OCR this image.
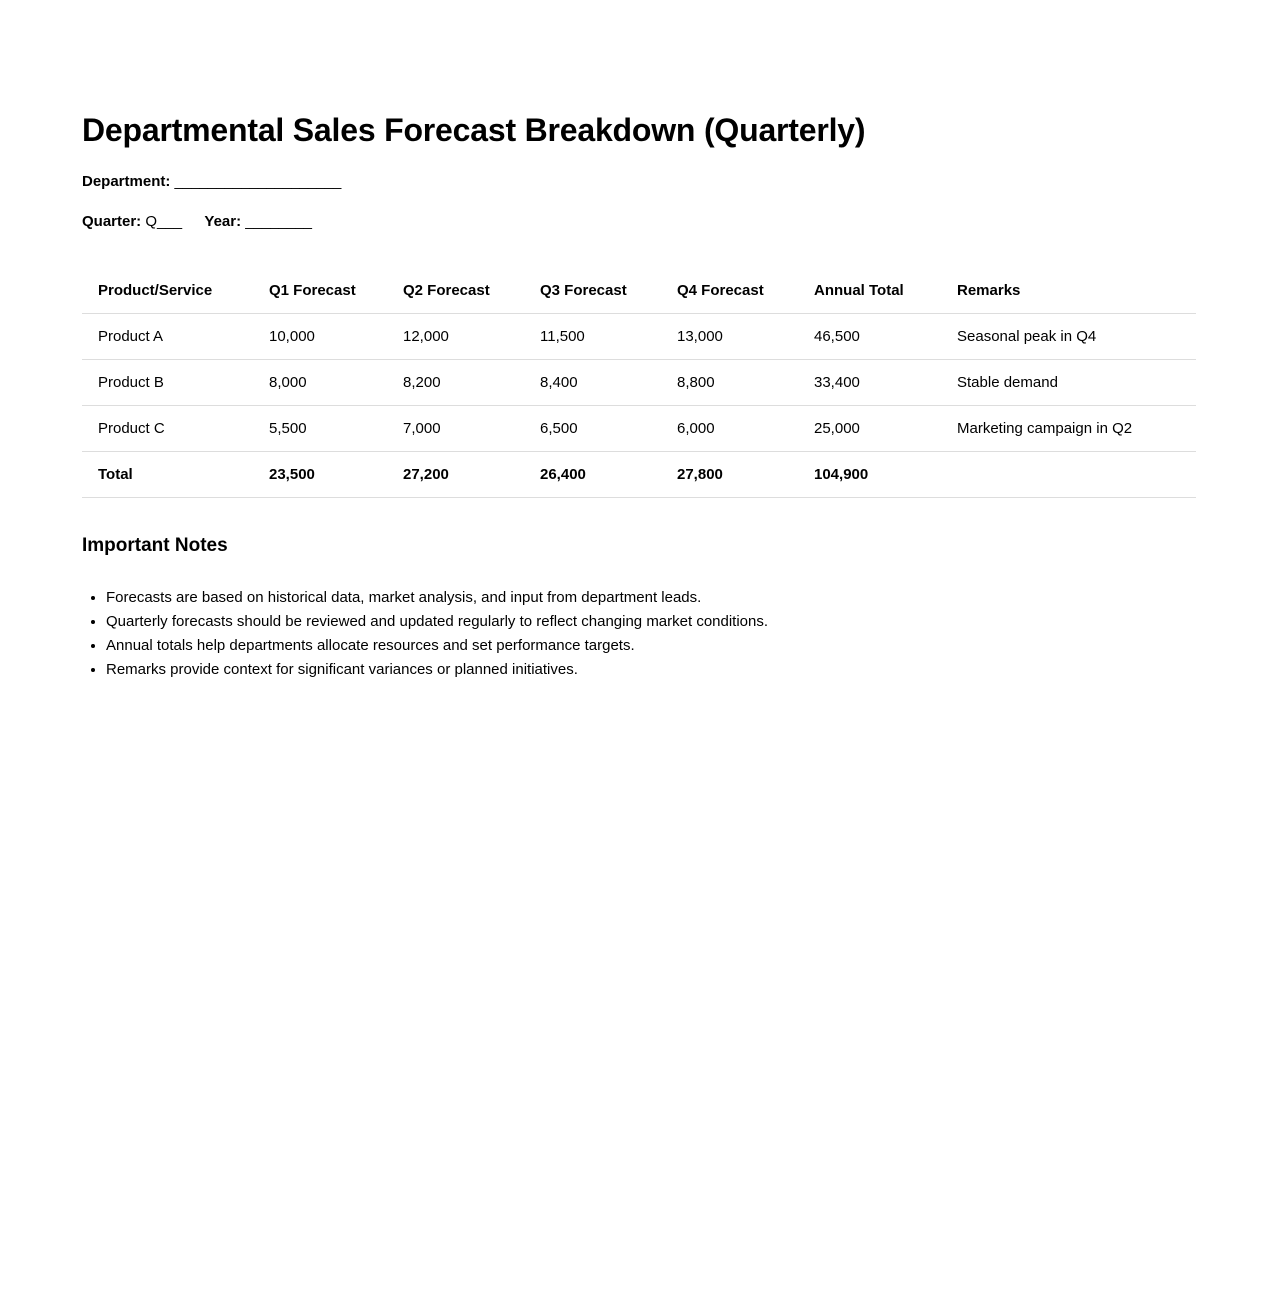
Departmental Sales Forecast Breakdown (Quarterly)

Department: ____________________

Quarter: Q___ Year: ________

Product/Service	Q1 Forecast	Q2 Forecast	Q3 Forecast	Q4 Forecast	Annual Total	Remarks
Product A	10,000	12,000	11,500	13,000	46,500	Seasonal peak in Q4
Product B	8,000	8,200	8,400	8,800	33,400	Stable demand
Product C	5,500	7,000	6,500	6,000	25,000	Marketing campaign in Q2
Total	23,500	27,200	26,400	27,800	104,900	
Important Notes
• Forecasts are based on historical data, market analysis, and input from department leads.
• Quarterly forecasts should be reviewed and updated regularly to reflect changing market conditions.
• Annual totals help departments allocate resources and set performance targets.
• Remarks provide context for significant variances or planned initiatives.
